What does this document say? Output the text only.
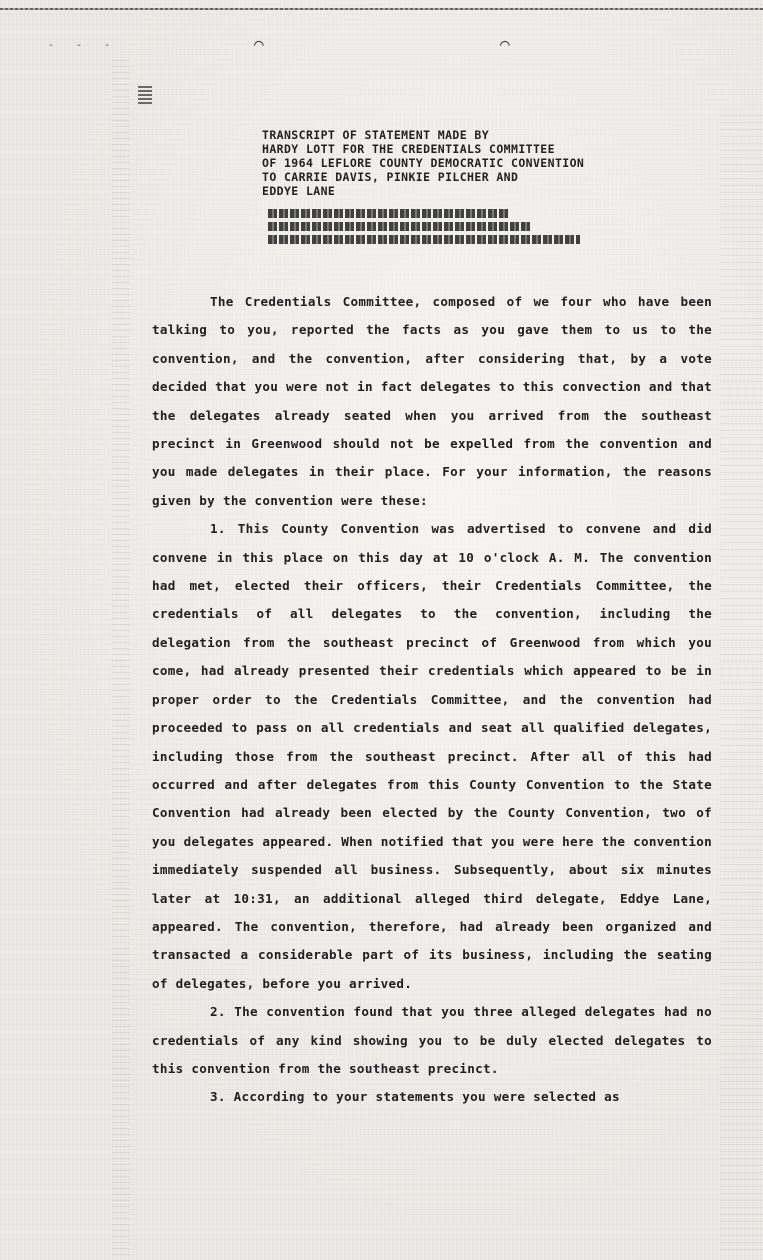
- - -	⌒	⌒
TRANSCRIPT OF STATEMENT MADE BY
HARDY LOTT FOR THE CREDENTIALS COMMITTEE
OF 1964 LEFLORE COUNTY DEMOCRATIC CONVENTION
TO CARRIE DAVIS, PINKIE PILCHER AND
EDDYE LANE

The Credentials Committee, composed of we four who have been talking to you, reported the facts as you gave them to us to the convention, and the convention, after considering that, by a vote decided that you were not in fact delegates to this convection and that the delegates already seated when you arrived from the southeast precinct in Greenwood should not be expelled from the convention and you made delegates in their place. For your information, the reasons given by the convention were these:

1. This County Convention was advertised to convene and did convene in this place on this day at 10 o'clock A. M. The convention had met, elected their officers, their Credentials Committee, the credentials of all delegates to the convention, including the delegation from the southeast precinct of Greenwood from which you come, had already presented their credentials which appeared to be in proper order to the Credentials Committee, and the convention had proceeded to pass on all credentials and seat all qualified delegates, including those from the southeast precinct. After all of this had occurred and after delegates from this County Convention to the State Convention had already been elected by the County Convention, two of you delegates appeared. When notified that you were here the convention immediately suspended all business. Subsequently, about six minutes later at 10:31, an additional alleged third delegate, Eddye Lane, appeared. The convention, therefore, had already been organized and transacted a considerable part of its business, including the seating of delegates, before you arrived.

2. The convention found that you three alleged delegates had no credentials of any kind showing you to be duly elected delegates to this convention from the southeast precinct.

3. According to your statements you were selected as
